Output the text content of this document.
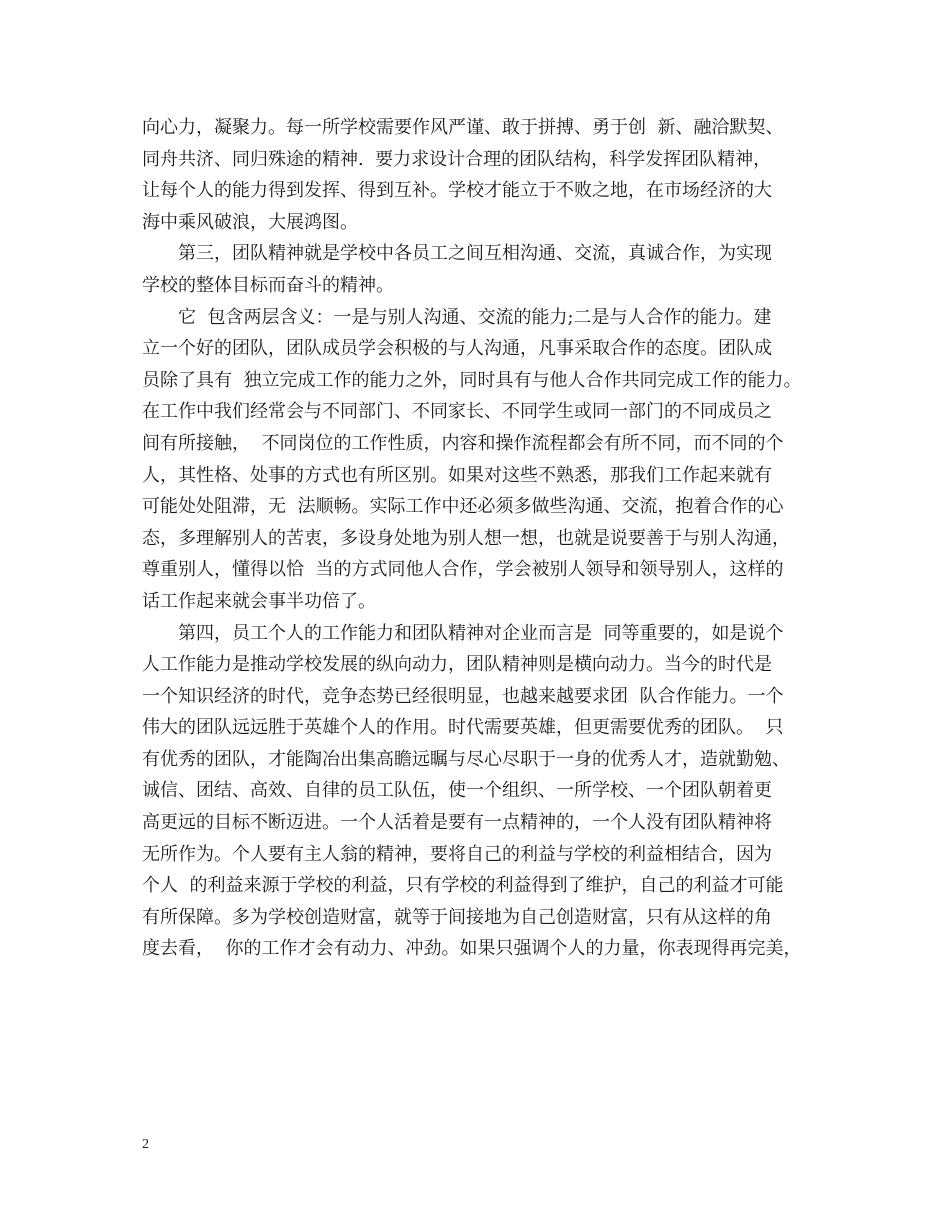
向心力，凝聚力。每一所学校需要作风严谨、敢于拼搏、勇于创  新、融洽默契、
同舟共济、同归殊途的精神.  要力求设计合理的团队结构，科学发挥团队精神，
让每个人的能力得到发挥、得到互补。学校才能立于不败之地，在市场经济的大
海中乘风破浪，大展鸿图。
第三，团队精神就是学校中各员工之间互相沟通、交流，真诚合作，为实现
学校的整体目标而奋斗的精神。
它  包含两层含义：一是与别人沟通、交流的能力;二是与人合作的能力。建
立一个好的团队，团队成员学会积极的与人沟通，凡事采取合作的态度。团队成
员除了具有  独立完成工作的能力之外，同时具有与他人合作共同完成工作的能力。
在工作中我们经常会与不同部门、不同家长、不同学生或同一部门的不同成员之
间有所接触，  不同岗位的工作性质，内容和操作流程都会有所不同，而不同的个
人，其性格、处事的方式也有所区别。如果对这些不熟悉，那我们工作起来就有
可能处处阻滞，无  法顺畅。实际工作中还必须多做些沟通、交流，抱着合作的心
态，多理解别人的苦衷，多设身处地为别人想一想，也就是说要善于与别人沟通，
尊重别人，懂得以恰  当的方式同他人合作，学会被别人领导和领导别人，这样的
话工作起来就会事半功倍了。
第四，员工个人的工作能力和团队精神对企业而言是  同等重要的，如是说个
人工作能力是推动学校发展的纵向动力，团队精神则是横向动力。当今的时代是
一个知识经济的时代，竞争态势已经很明显，也越来越要求团  队合作能力。一个
伟大的团队远远胜于英雄个人的作用。时代需要英雄，但更需要优秀的团队。  只
有优秀的团队，才能陶冶出集高瞻远瞩与尽心尽职于一身的优秀人才，造就勤勉、
诚信、团结、高效、自律的员工队伍，使一个组织、一所学校、一个团队朝着更
高更远的目标不断迈进。一个人活着是要有一点精神的，一个人没有团队精神将
无所作为。个人要有主人翁的精神，要将自己的利益与学校的利益相结合，因为
个人  的利益来源于学校的利益，只有学校的利益得到了维护，自己的利益才可能
有所保障。多为学校创造财富，就等于间接地为自己创造财富，只有从这样的角
度去看，  你的工作才会有动力、冲劲。如果只强调个人的力量，你表现得再完美，
2
